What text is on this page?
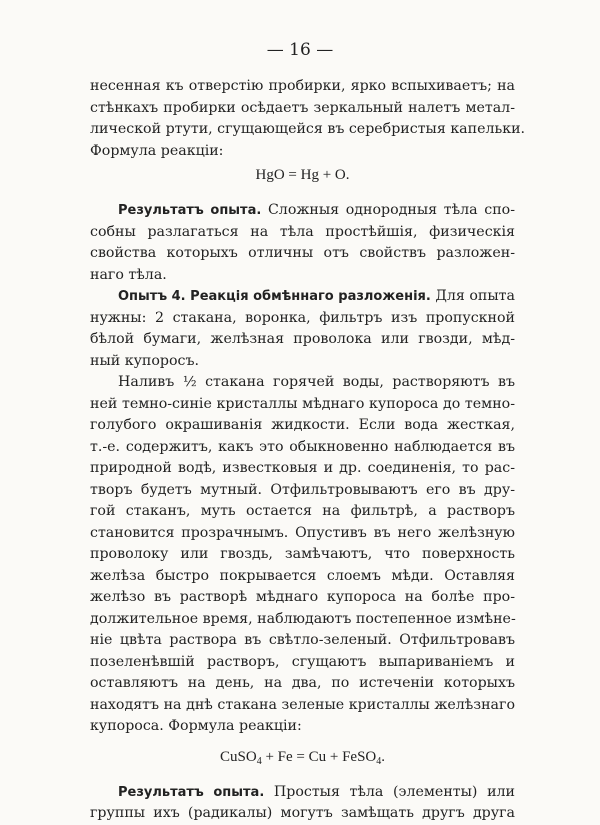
— 16 —
несенная къ отверстію пробирки, ярко вспыхиваетъ; на
стѣнкахъ пробирки осѣдаетъ зеркальный налетъ метал-
лической ртути, сгущающейся въ серебристыя капельки.
Формула реакціи:
HgO = Hg + O.
Результатъ опыта. Сложныя однородныя тѣла спо-
собны разлагаться на тѣла простѣйшія, физическія
свойства которыхъ отличны отъ свойствъ разложен-
наго тѣла.
Опытъ 4. Реакція обмѣннаго разложенія. Для опыта
нужны: 2 стакана, воронка, фильтръ изъ пропускной
бѣлой бумаги, желѣзная проволока или гвозди, мѣд-
ный купоросъ.
Наливъ ½ стакана горячей воды, растворяютъ въ
ней темно-синіе кристаллы мѣднаго купороса до темно-
голубого окрашиванія жидкости. Если вода жесткая,
т.-е. содержитъ, какъ это обыкновенно наблюдается въ
природной водѣ, известковыя и др. соединенія, то рас-
творъ будетъ мутный. Отфильтровываютъ его въ дру-
гой стаканъ, муть остается на фильтрѣ, а растворъ
становится прозрачнымъ. Опустивъ въ него желѣзную
проволоку или гвоздь, замѣчаютъ, что поверхность
желѣза быстро покрывается слоемъ мѣди. Оставляя
желѣзо въ растворѣ мѣднаго купороса на болѣе про-
должительное время, наблюдаютъ постепенное измѣне-
ніе цвѣта раствора въ свѣтло-зеленый. Отфильтровавъ
позеленѣвшій растворъ, сгущаютъ выпариваніемъ и
оставляютъ на день, на два, по истеченіи которыхъ
находятъ на днѣ стакана зеленые кристаллы желѣзнаго
купороса. Формула реакціи:
CuSO$_4$ + Fe = Cu + FeSO$_4$.
Результатъ опыта. Простыя тѣла (элементы) или
группы ихъ (радикалы) могутъ замѣщать другъ друга
